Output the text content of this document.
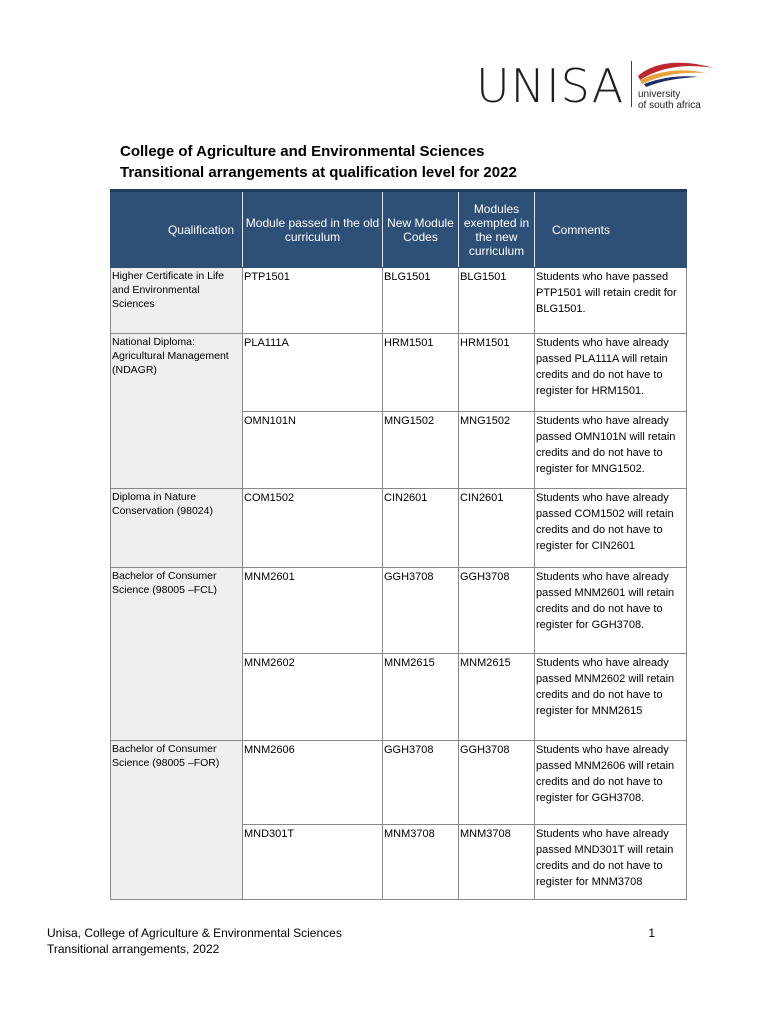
UNISA university
of south africa
College of Agriculture and Environmental Sciences
Transitional arrangements at qualification level for 2022
Qualification	Module passed in the old curriculum	New Module Codes	Modules exempted in the new curriculum	Comments
Higher Certificate in Life and Environmental Sciences	PTP1501	BLG1501	BLG1501	Students who have passed PTP1501 will retain credit for BLG1501.
National Diploma: Agricultural Management (NDAGR)	PLA111A	HRM1501	HRM1501	Students who have already passed PLA111A will retain credits and do not have to register for HRM1501.
	OMN101N	MNG1502	MNG1502	Students who have already passed OMN101N will retain credits and do not have to register for MNG1502.
Diploma in Nature Conservation (98024)	COM1502	CIN2601	CIN2601	Students who have already passed COM1502 will retain credits and do not have to register for CIN2601
Bachelor of Consumer Science (98005 –FCL)	MNM2601	GGH3708	GGH3708	Students who have already passed MNM2601 will retain credits and do not have to register for GGH3708.
	MNM2602	MNM2615	MNM2615	Students who have already passed MNM2602 will retain credits and do not have to register for MNM2615
Bachelor of Consumer Science (98005 –FOR)	MNM2606	GGH3708	GGH3708	Students who have already passed MNM2606 will retain credits and do not have to register for GGH3708.
	MND301T	MNM3708	MNM3708	Students who have already passed MND301T will retain credits and do not have to register for MNM3708
Unisa, College of Agriculture & Environmental Sciences
Transitional arrangements, 2022
1
